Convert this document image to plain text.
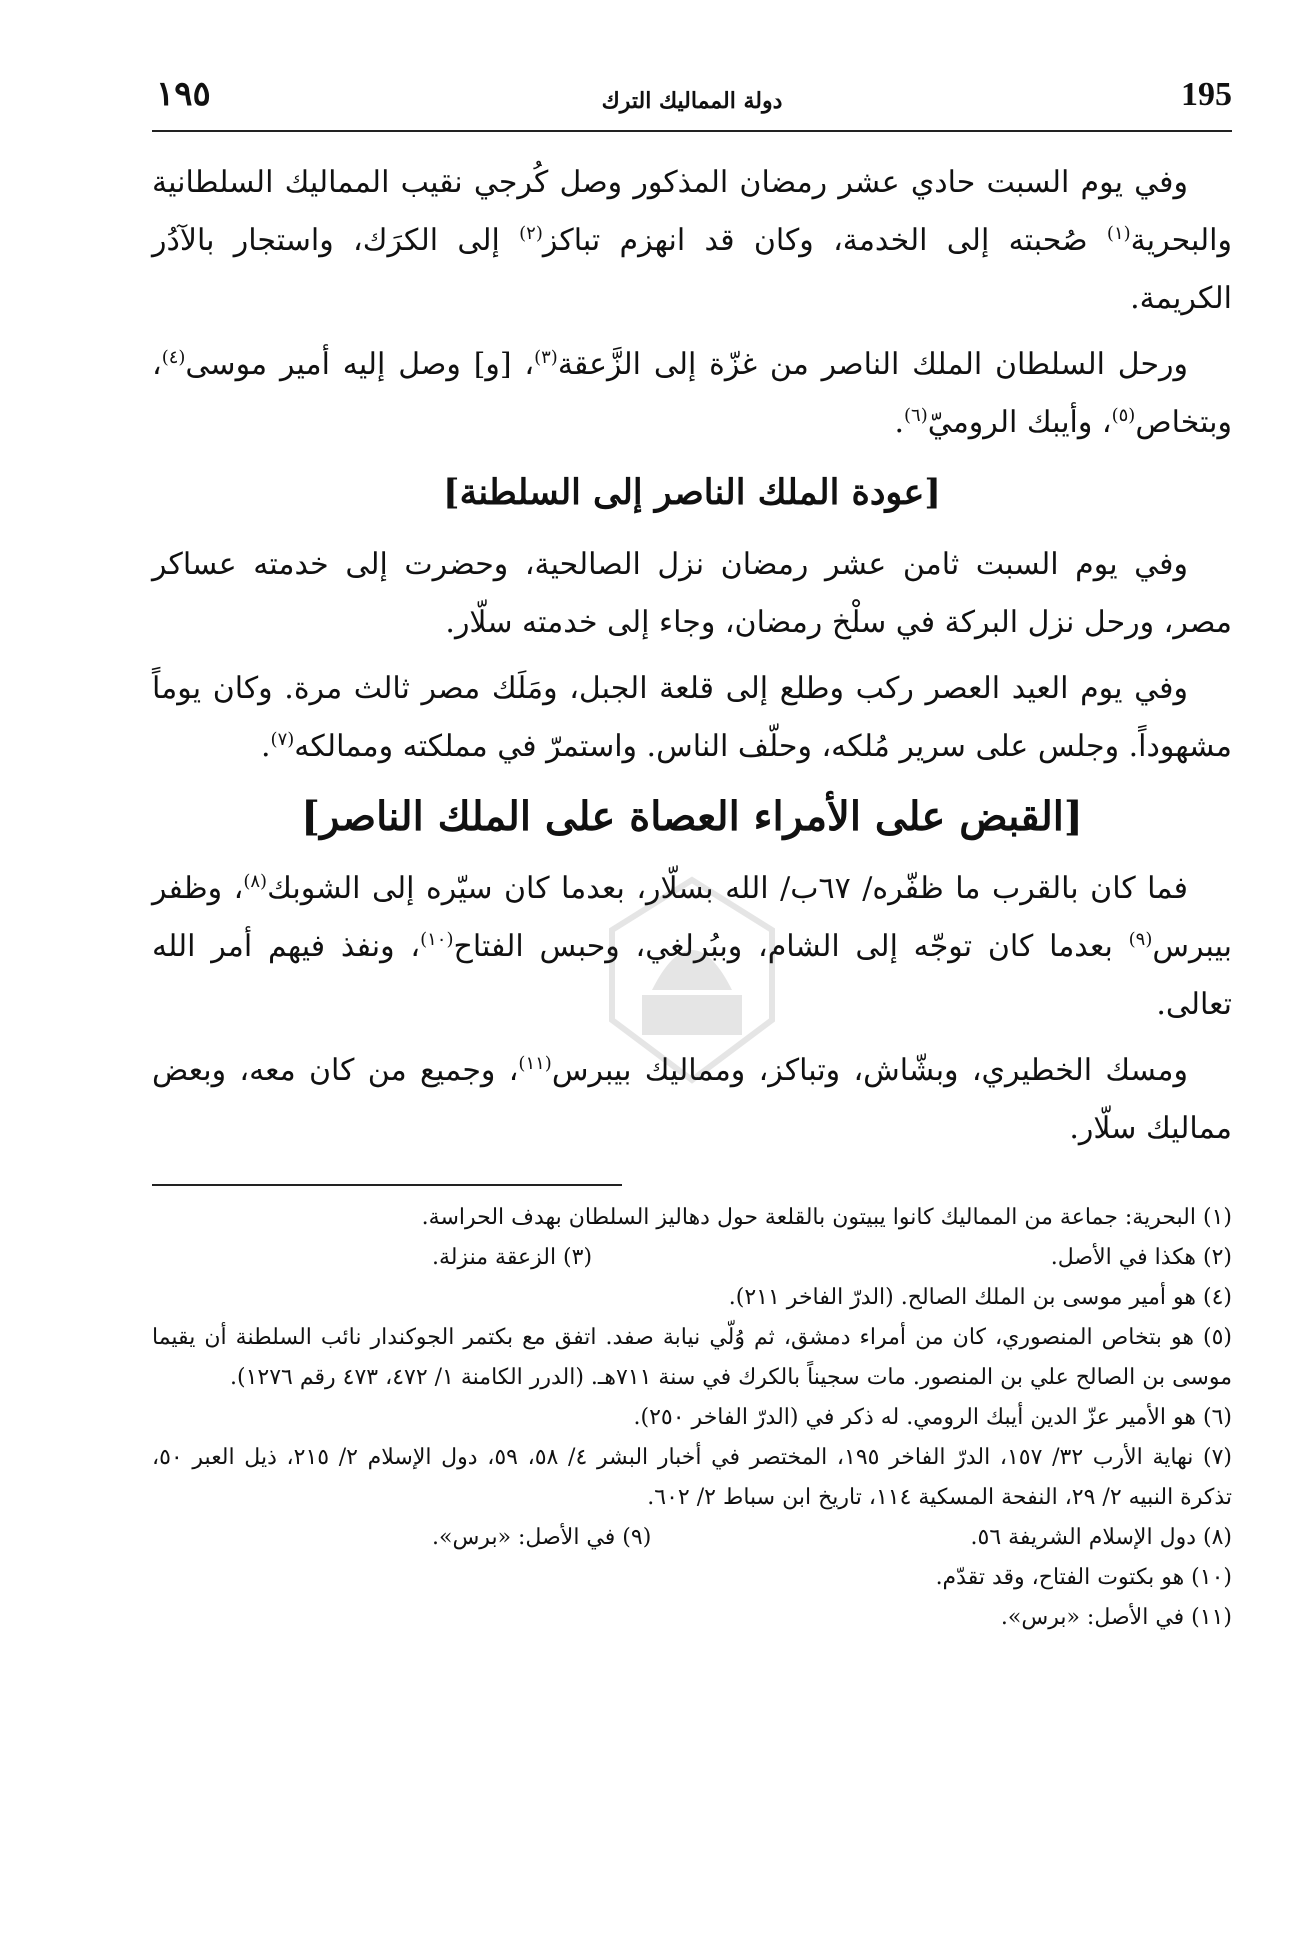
195
دولة المماليك الترك
١٩٥

وفي يوم السبت حادي عشر رمضان المذكور وصل كُرجي نقيب المماليك السلطانية والبحرية$^{(١)}$ صُحبته إلى الخدمة، وكان قد انهزم تباكز$^{(٢)}$ إلى الكرَك، واستجار بالآدُر الكريمة.

ورحل السلطان الملك الناصر من غزّة إلى الزَّعقة$^{(٣)}$، [و] وصل إليه أمير موسى$^{(٤)}$، وبتخاص$^{(٥)}$، وأيبك الروميّ$^{(٦)}$.

[عودة الملك الناصر إلى السلطنة]

وفي يوم السبت ثامن عشر رمضان نزل الصالحية، وحضرت إلى خدمته عساكر مصر، ورحل نزل البركة في سلْخ رمضان، وجاء إلى خدمته سلّار.

وفي يوم العيد العصر ركب وطلع إلى قلعة الجبل، ومَلَك مصر ثالث مرة. وكان يوماً مشهوداً. وجلس على سرير مُلكه، وحلّف الناس. واستمرّ في مملكته وممالكه$^{(٧)}$.

[القبض على الأمراء العصاة على الملك الناصر]

فما كان بالقرب ما ظفّره/ ٦٧ب/ الله بسلّار، بعدما كان سيّره إلى الشوبك$^{(٨)}$، وظفر بيبرس$^{(٩)}$ بعدما كان توجّه إلى الشام، وببُرلغي، وحبس الفتاح$^{(١٠)}$، ونفذ فيهم أمر الله تعالى.

ومسك الخطيري، وبشّاش، وتباكز، ومماليك بيبرس$^{(١١)}$، وجميع من كان معه، وبعض مماليك سلّار.

(١) البحرية: جماعة من المماليك كانوا يبيتون بالقلعة حول دهاليز السلطان بهدف الحراسة.

(٢) هكذا في الأصل.

(٣) الزعقة منزلة.

(٤) هو أمير موسى بن الملك الصالح. (الدرّ الفاخر ٢١١).

(٥) هو بتخاص المنصوري، كان من أمراء دمشق، ثم وُلّي نيابة صفد. اتفق مع بكتمر الجوكندار نائب السلطنة أن يقيما موسى بن الصالح علي بن المنصور. مات سجيناً بالكرك في سنة ٧١١هـ. (الدرر الكامنة ١/ ٤٧٢، ٤٧٣ رقم ١٢٧٦).

(٦) هو الأمير عزّ الدين أيبك الرومي. له ذكر في (الدرّ الفاخر ٢٥٠).

(٧) نهاية الأرب ٣٢/ ١٥٧، الدرّ الفاخر ١٩٥، المختصر في أخبار البشر ٤/ ٥٨، ٥٩، دول الإسلام ٢/ ٢١٥، ذيل العبر ٥٠، تذكرة النبيه ٢/ ٢٩، النفحة المسكية ١١٤، تاريخ ابن سباط ٢/ ٦٠٢.

(٨) دول الإسلام الشريفة ٥٦.

(٩) في الأصل: «برس».

(١٠) هو بكتوت الفتاح، وقد تقدّم.

(١١) في الأصل: «برس».
